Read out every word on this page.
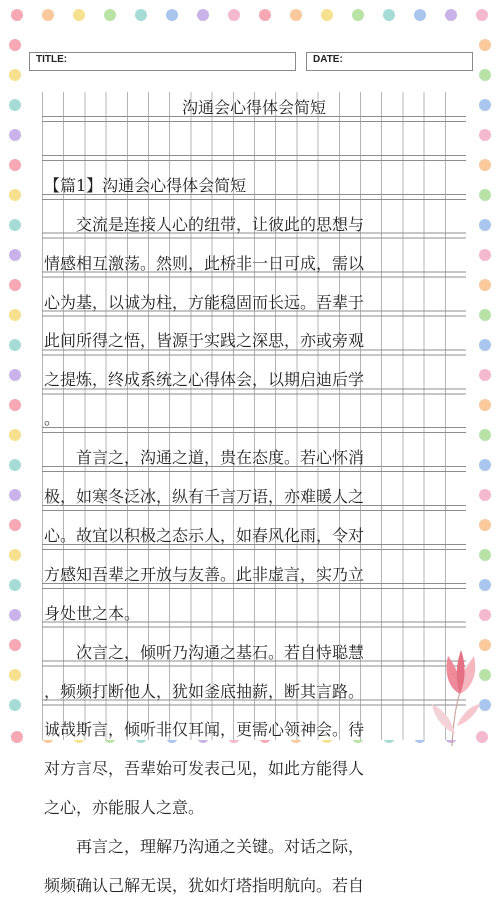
TITLE:	DATE:
沟通会心得体会简短
【篇1】沟通会心得体会简短
　　交流是连接人心的纽带，让彼此的思想与
情感相互激荡。然则，此桥非一日可成，需以
心为基，以诚为柱，方能稳固而长远。吾辈于
此间所得之悟，皆源于实践之深思，亦或旁观
之提炼，终成系统之心得体会，以期启迪后学
。
　　首言之，沟通之道，贵在态度。若心怀消
极，如寒冬泛冰，纵有千言万语，亦难暖人之
心。故宜以积极之态示人，如春风化雨，令对
方感知吾辈之开放与友善。此非虚言，实乃立
身处世之本。
　　次言之，倾听乃沟通之基石。若自恃聪慧
，频频打断他人，犹如釜底抽薪，断其言路。
诚哉斯言，倾听非仅耳闻，更需心领神会。待
对方言尽，吾辈始可发表己见，如此方能得人
之心，亦能服人之意。
　　再言之，理解乃沟通之关键。对话之际，
频频确认己解无误，犹如灯塔指明航向。若自
